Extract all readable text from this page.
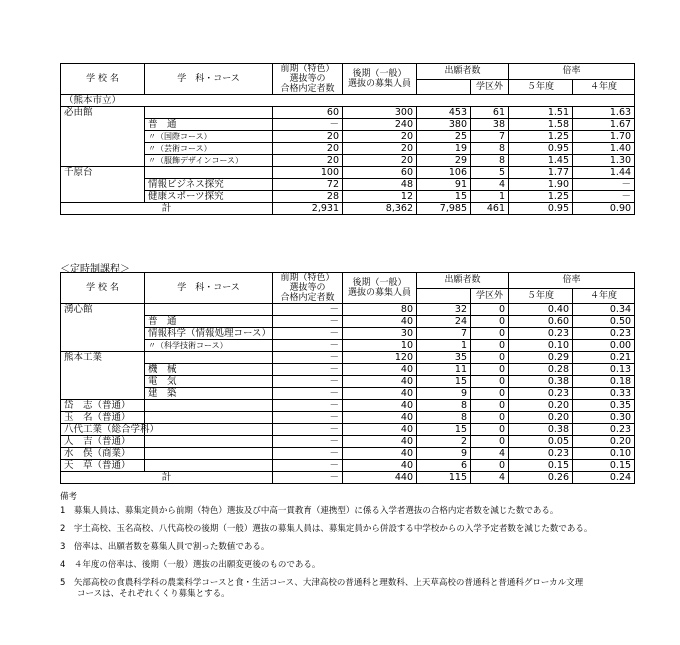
学 校 名	学　科・コース	前期（特色）
選抜等の
合格内定者数	後期（一般）
選抜の募集人員	出願者数		倍率	
					学区外	５年度	４年度
（熊本市立）							
必由館		60	300	453	61	1.51	1.63
	普　通	－	240	380	38	1.58	1.67
	〃（国際コース）	20	20	25	7	1.25	1.70
	〃（芸術コース）	20	20	19	8	0.95	1.40
	〃（服飾デザインコース）	20	20	29	8	1.45	1.30
千原台		100	60	106	5	1.77	1.44
	情報ビジネス探究	72	48	91	4	1.90	－
	健康スポーツ探究	28	12	15	1	1.25	－
計		2,931	8,362	7,985	461	0.95	0.90
＜定時制課程＞
学 校 名	学　科・コース	前期（特色）
選抜等の
合格内定者数	後期（一般）
選抜の募集人員	出願者数		倍率	
					学区外	５年度	４年度
湧心館		－	80	32	0	0.40	0.34
	普　通	－	40	24	0	0.60	0.50
	情報科学（情報処理コース）	－	30	7	0	0.23	0.23
	〃（科学技術コース）	－	10	1	0	0.10	0.00
熊本工業		－	120	35	0	0.29	0.21
	機　械	－	40	11	0	0.28	0.13
	電　気	－	40	15	0	0.38	0.18
	建　築	－	40	9	0	0.23	0.33
岱　志（普通）		－	40	8	0	0.20	0.35
玉　名（普通）		－	40	8	0	0.20	0.30
八代工業（総合学科）		－	40	15	0	0.38	0.23
人　吉（普通）		－	40	2	0	0.05	0.20
水　俣（商業）		－	40	9	4	0.23	0.10
天　草（普通）		－	40	6	0	0.15	0.15
計		－	440	115	4	0.26	0.24
備考
1　募集人員は、募集定員から前期（特色）選抜及び中高一貫教育（連携型）に係る入学者選抜の合格内定者数を減じた数である。
2　宇土高校、玉名高校、八代高校の後期（一般）選抜の募集人員は、募集定員から併設する中学校からの入学予定者数を減じた数である。
3　倍率は、出願者数を募集人員で割った数値である。
4　４年度の倍率は、後期（一般）選抜の出願変更後のものである。
5　矢部高校の食農科学科の農業科学コースと食・生活コース、大津高校の普通科と理数科、上天草高校の普通科と普通科グローカル文理
　　コースは、それぞれくくり募集とする。
